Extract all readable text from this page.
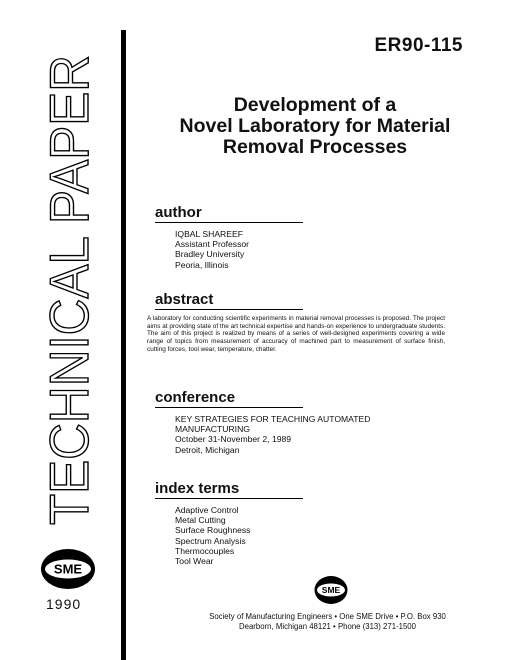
TECHNICAL PAPER	ER90-115
Development of a
Novel Laboratory for Material
Removal Processes
author
IQBAL SHAREEF
Assistant Professor
Bradley University
Peoria, Illinois
abstract
A laboratory for conducting scientific experiments in material removal processes is proposed. The project aims at providing state of the art technical expertise and hands-on experience to undergraduate students. The aim of this project is realized by means of a series of well-designed experiments covering a wide range of topics from measurement of accuracy of machined part to measurement of surface finish, cutting forces, tool wear, temperature, chatter.
conference
KEY STRATEGIES FOR TEACHING AUTOMATED
MANUFACTURING
October 31-November 2, 1989
Detroit, Michigan
index terms
Adaptive Control
Metal Cutting
Surface Roughness
Spectrum Analysis
Thermocouples
Tool Wear
SME
1990
SME
Society of Manufacturing Engineers • One SME Drive • P.O. Box 930
Dearborn, Michigan 48121 • Phone (313) 271-1500
